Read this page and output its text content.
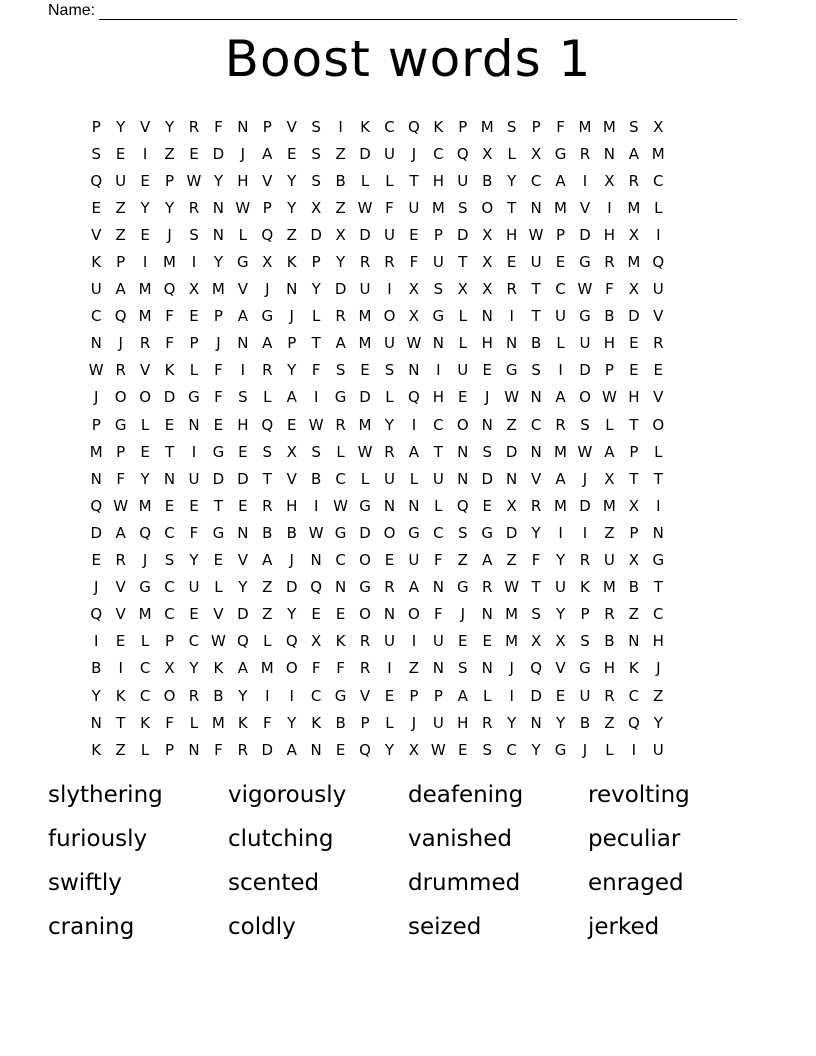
Name:
Boost words 1
P	Y V Y R F N P V S	I	K C Q K P M S	P	F M M S X
S E	I	Z E D	J	A E S Z D U	J	C Q X	L	X G R N A M
Q U E	P W Y H V Y	S B	L	L	T H U B Y C A	I	X R C
E Z Y	Y R N W P	Y X Z W F U M S O T N M V	I	M L
V Z E	J	S N L Q Z D X D U E	P D X H W P D H X	I
K P	I	M	I	Y G X K P	Y R R F U T X E U E G R M Q
U A M Q X M V	J	N Y D U	I	X S X X R T C W F X U
C Q M F	E	P A G	J	L	R M O X G L N	I	T U G B D V
N	J	R F	P	J	N A P	T A M U W N L H N B	L U H E R
W R V K	L	F	I	R Y	F	S E S N	I	U E G S	I	D P	E E
J	O O D G F	S	L	A	I	G D L Q H E	J W N A O W H V
P G L	E N E H Q E W R M Y	I	C O N Z C R S	L	T O
M P	E	T	I	G E S X S	L W R A T N S D N M W A P	L
N F	Y N U D D T V B C	L U L U N D N V A	J	X T	T
Q W M E E	T	E R H	I W G N N L Q E X R M D M X	I
D A Q C F G N B B W G D O G C S G D Y	I	I	Z P N
E R	J	S	Y	E V A	J	N C O E U F Z A Z F	Y R U X G
J	V G C U L	Y Z D Q N G R A N G R W T U K M B T
Q V M C E V D Z Y	E E O N O F	J	N M S	Y	P R Z C
I	E	L	P C W Q L Q X K R U	I	U E E M X X S B N H
B	I	C X Y K A M O F	F R	I	Z N S N	J	Q V G H K	J
Y K C O R B Y	I	I	C G V E	P	P A	L	I	D E U R C Z
N T K	F	L M K	F	Y K B P	L	J	U H R Y N Y B Z Q Y
K Z	L	P N F R D A N E Q Y X W E S C Y G	J	L	I	U
slythering	vigorously	deafening	revolting
furiously	clutching	vanished	peculiar
swiftly	scented	drummed	enraged
craning	coldly	seized	jerked
